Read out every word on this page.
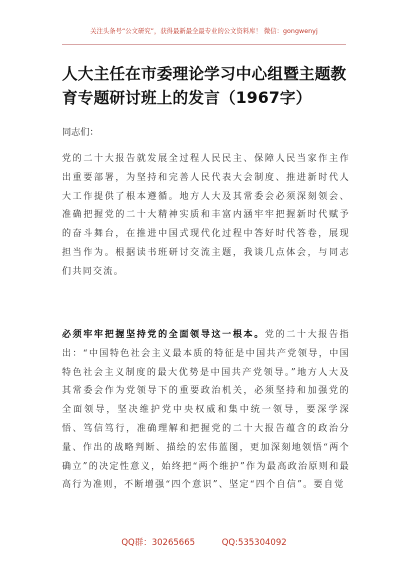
关注头条号“公文研究”，获得最新最全最专业的公文资料库！ 微信：gongwenyj
人大主任在市委理论学习中心组暨主题教育专题研讨班上的发言（1967字）
同志们：
党的二十大报告就发展全过程人民民主、保障人民当家作主作出重要部署，为坚持和完善人民代表大会制度、推进新时代人大工作提供了根本遵循。地方人大及其常委会必须深刻领会、准确把握党的二十大精神实质和丰富内涵牢牢把握新时代赋予的奋斗舞台，在推进中国式现代化过程中答好时代答卷，展现担当作为。根据读书班研讨交流主题，我谈几点体会，与同志们共同交流。
必须牢牢把握坚持党的全面领导这一根本。党的二十大报告指出：“中国特色社会主义最本质的特征是中国共产党领导，中国特色社会主义制度的最大优势是中国共产党领导。”地方人大及其常委会作为党领导下的重要政治机关，必须坚持和加强党的全面领导，坚决维护党中央权威和集中统一领导，要深学深悟、笃信笃行，准确理解和把握党的二十大报告蕴含的政治分量、作出的战略判断、描绘的宏伟蓝图，更加深刻地领悟“两个确立”的决定性意义，始终把“两个维护”作为最高政治原则和最高行为准则，不断增强“四个意识”、坚定“四个自信”。要自觉
QQ群：30265665	QQ:535304092
